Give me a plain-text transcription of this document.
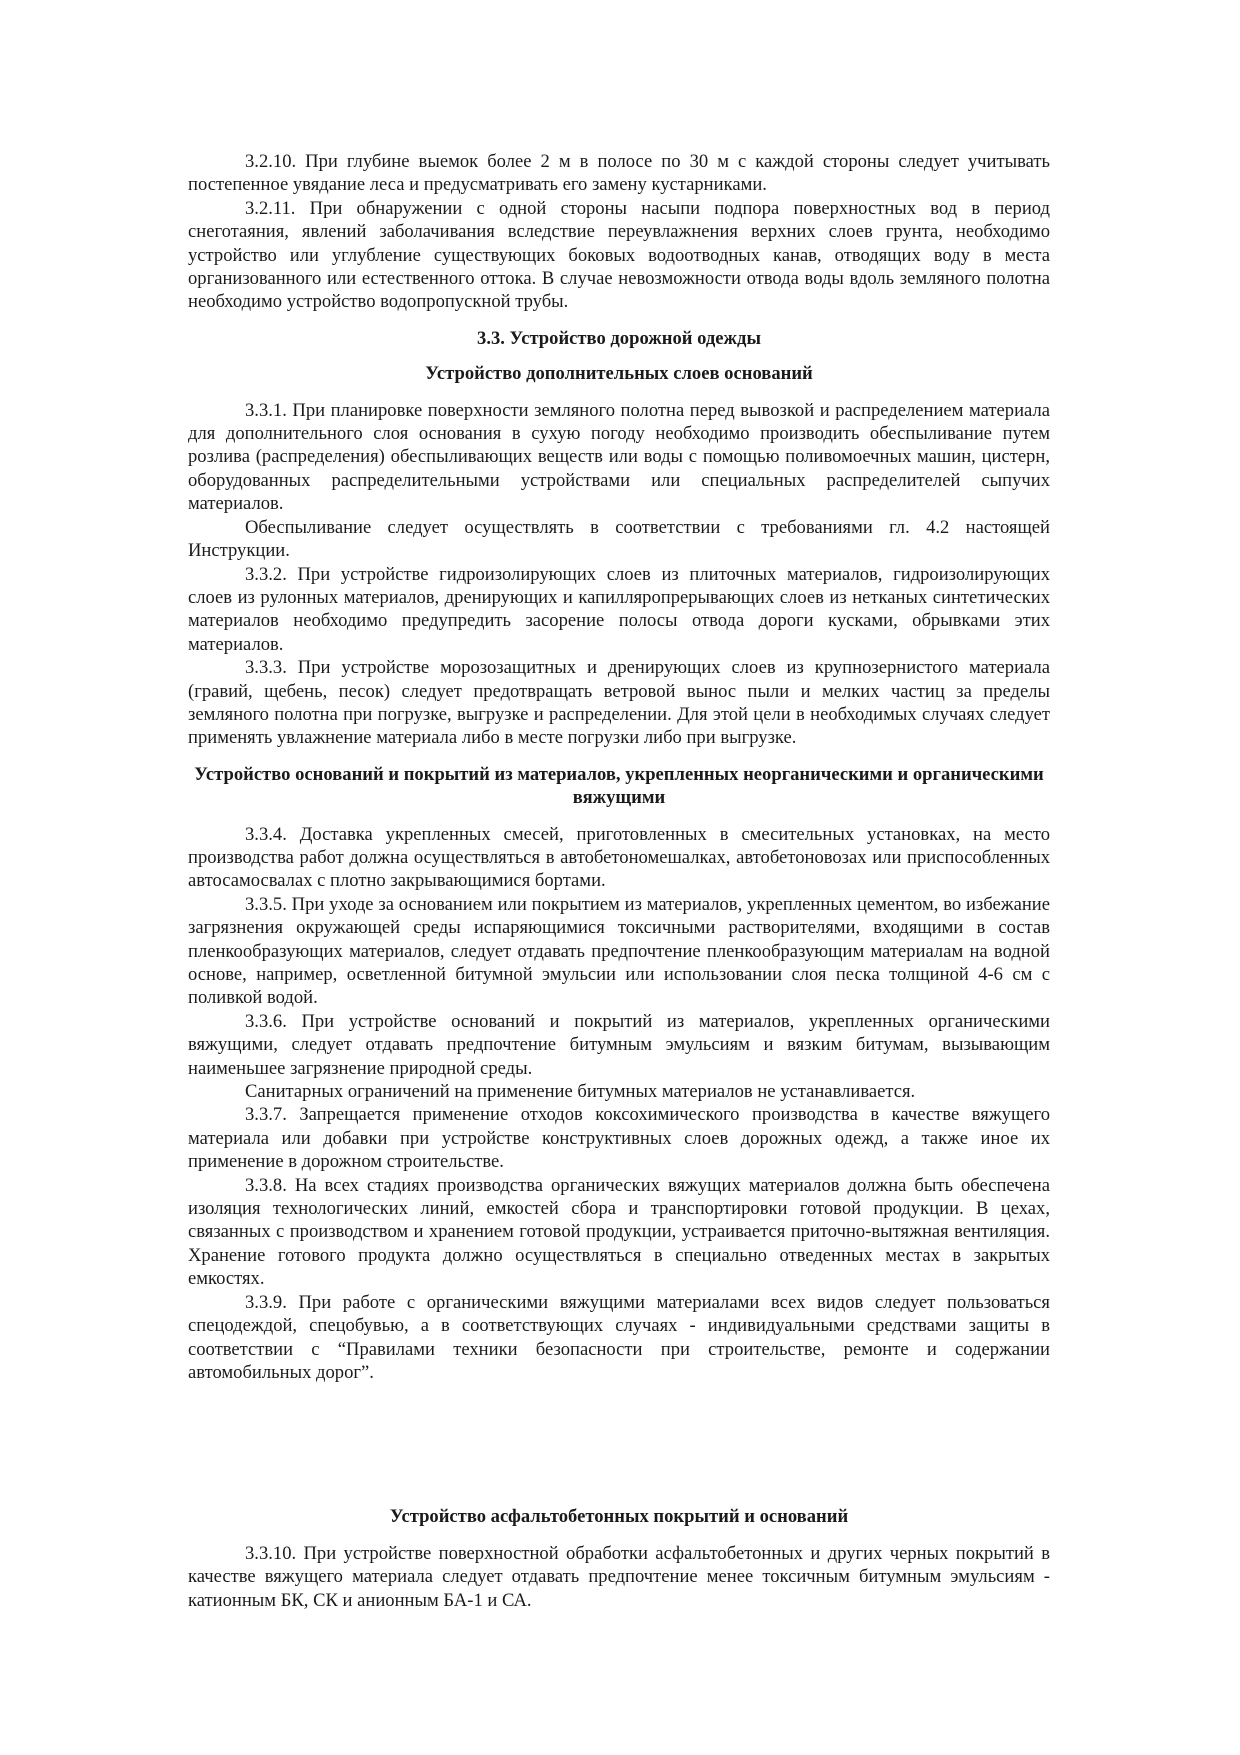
3.2.10. При глубине выемок более 2 м в полосе по 30 м с каждой стороны следует учитывать постепенное увядание леса и предусматривать его замену кустарниками.

3.2.11. При обнаружении с одной стороны насыпи подпора поверхностных вод в период снеготаяния, явлений заболачивания вследствие переувлажнения верхних слоев грунта, необходимо устройство или углубление существующих боковых водоотводных канав, отводящих воду в места организованного или естественного оттока. В случае невозможности отвода воды вдоль земляного полотна необходимо устройство водопропускной трубы.

3.3. Устройство дорожной одежды

Устройство дополнительных слоев оснований

3.3.1. При планировке поверхности земляного полотна перед вывозкой и распределением материала для дополнительного слоя основания в сухую погоду необходимо производить обеспыливание путем розлива (распределения) обеспыливающих веществ или воды с помощью поливомоечных машин, цистерн, оборудованных распределительными устройствами или специальных распределителей сыпучих материалов.

Обеспыливание следует осуществлять в соответствии с требованиями гл. 4.2 настоящей Инструкции.

3.3.2. При устройстве гидроизолирующих слоев из плиточных материалов, гидроизолирующих слоев из рулонных материалов, дренирующих и капилляропрерывающих слоев из нетканых синтетических материалов необходимо предупредить засорение полосы отвода дороги кусками, обрывками этих материалов.

3.3.3. При устройстве морозозащитных и дренирующих слоев из крупнозернистого материала (гравий, щебень, песок) следует предотвращать ветровой вынос пыли и мелких частиц за пределы земляного полотна при погрузке, выгрузке и распределении. Для этой цели в необходимых случаях следует применять увлажнение материала либо в месте погрузки либо при выгрузке.

Устройство оснований и покрытий из материалов, укрепленных неорганическими и органическими вяжущими

3.3.4. Доставка укрепленных смесей, приготовленных в смесительных установках, на место производства работ должна осуществляться в автобетономешалках, автобетоновозах или приспособленных автосамосвалах с плотно закрывающимися бортами.

3.3.5. При уходе за основанием или покрытием из материалов, укрепленных цементом, во избежание загрязнения окружающей среды испаряющимися токсичными растворителями, входящими в состав пленкообразующих материалов, следует отдавать предпочтение пленкообразующим материалам на водной основе, например, осветленной битумной эмульсии или использовании слоя песка толщиной 4-6 см с поливкой водой.

3.3.6. При устройстве оснований и покрытий из материалов, укрепленных органическими вяжущими, следует отдавать предпочтение битумным эмульсиям и вязким битумам, вызывающим наименьшее загрязнение природной среды.

Санитарных ограничений на применение битумных материалов не устанавливается.

3.3.7. Запрещается применение отходов коксохимического производства в качестве вяжущего материала или добавки при устройстве конструктивных слоев дорожных одежд, а также иное их применение в дорожном строительстве.

3.3.8. На всех стадиях производства органических вяжущих материалов должна быть обеспечена изоляция технологических линий, емкостей сбора и транспортировки готовой продукции. В цехах, связанных с производством и хранением готовой продукции, устраивается приточно-вытяжная вентиляция. Хранение готового продукта должно осуществляться в специально отведенных местах в закрытых емкостях.

3.3.9. При работе с органическими вяжущими материалами всех видов следует пользоваться спецодеждой, спецобувью, а в соответствующих случаях - индивидуальными средствами защиты в соответствии с “Правилами техники безопасности при строительстве, ремонте и содержании автомобильных дорог”.

Устройство асфальтобетонных покрытий и оснований

3.3.10. При устройстве поверхностной обработки асфальтобетонных и других черных покрытий в качестве вяжущего материала следует отдавать предпочтение менее токсичным битумным эмульсиям - катионным БК, СК и анионным БА-1 и СА.
